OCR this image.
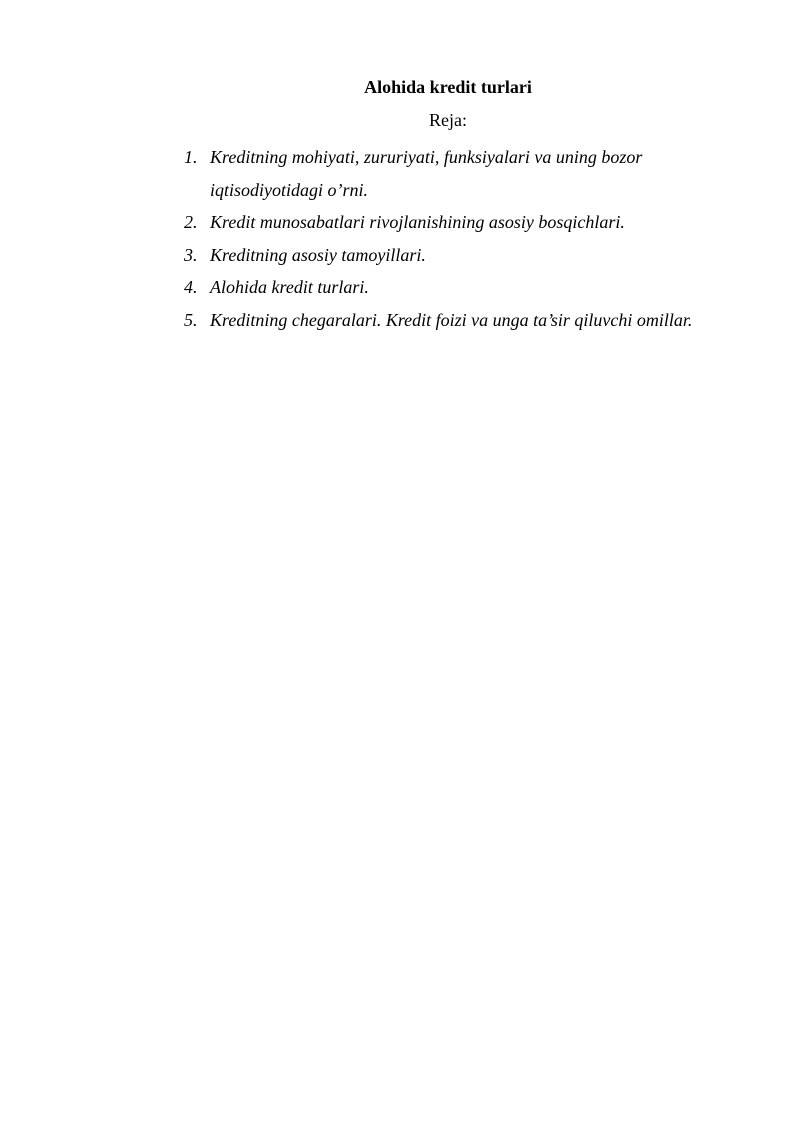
Alohida kredit turlari
Reja:
1. Kreditning mohiyati, zururiyati, funksiyalari va uning bozor iqtisodiyotidagi o’rni.
2. Kredit munosabatlari rivojlanishining asosiy bosqichlari.
3. Kreditning asosiy tamoyillari.
4. Alohida kredit turlari.
5. Kreditning chegaralari. Kredit foizi va unga ta’sir qiluvchi omillar.
